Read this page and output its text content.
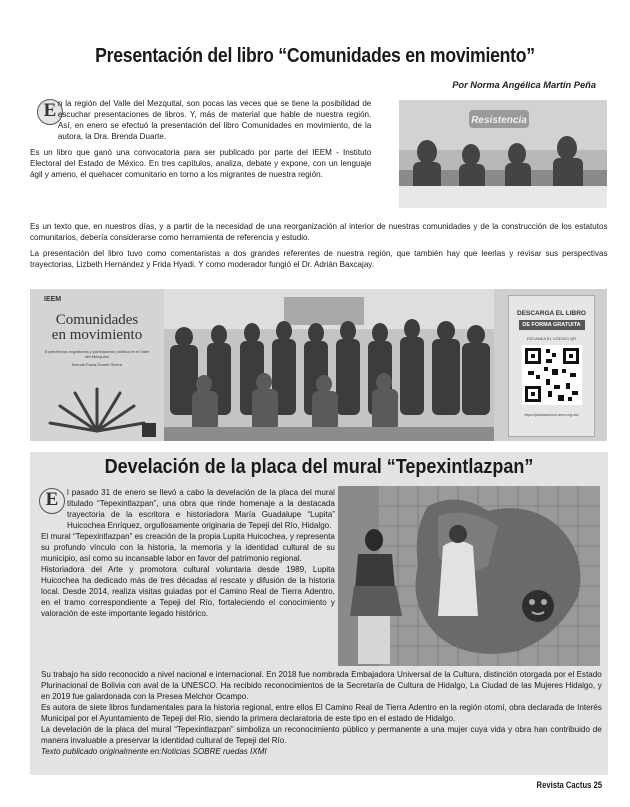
Presentación del libro “Comunidades en movimiento”
Por Norma Angélica Martín Peña
E n la región del Valle del Mezquital, son pocas las veces que se tiene la posibilidad de escuchar presentaciones de libros. Y, más de material que hable de nuestra región. Así, en enero se efectuó la presentación del libro Comunidades en movimiento, de la autora, la Dra. Brenda Duarte.

Es un libro que ganó una convocatoria para ser publicado por parte del IEEM - Instituto Electoral del Estado de México. En tres capítulos, analiza, debate y expone, con un lenguaje ágil y ameno, el quehacer comunitario en torno a los migrantes de nuestra región.

Resistencia

Es un texto que, en nuestros días, y a partir de la necesidad de una reorganización al interior de nuestras comunidades y de la construcción de los estatutos comunitarios, debería considerarse como herramienta de referencia y estudio.

La presentación del libro tuvo como comentaristas a dos grandes referentes de nuestra región, que también hay que leerlas y revisar sus perspectivas trayectorias, Lizbeth Hernández y Frida Hyadi. Y como moderador fungió el Dr. Adrián Baxcajay.

IEEM
Comunidades
en movimiento
Experiencias migratorias y participación política en el Valle del Mezquital
Brenda Paola Duarte Rivera
DESCARGA EL LIBRO
DE FORMA GRATUITA
ESCANEA EL CÓDIGO QR
https://publicaciones.ieem.org.mx/
Develación de la placa del mural “Tepexintlazpan”
E l pasado 31 de enero se llevó a cabo la develación de la placa del mural titulado “Tepexintlazpan”, una obra que rinde homenaje a la destacada trayectoria de la escritora e historiadora María Guadalupe “Lupita” Huicochea Enríquez, orgullosamente originaria de Tepeji del Río, Hidalgo.

El mural “Tepexintlazpan” es creación de la propia Lupita Huicochea, y representa su profundo vínculo con la historia, la memoria y la identidad cultural de su municipio, así como su incansable labor en favor del patrimonio regional.

Historiadora del Arte y promotora cultural voluntaria desde 1989, Lupita Huicochea ha dedicado más de tres décadas al rescate y difusión de la historia local. Desde 2014, realiza visitas guiadas por el Camino Real de Tierra Adentro, en el tramo correspondiente a Tepeji del Río, fortaleciendo el conocimiento y valoración de este importante legado histórico.

Su trabajo ha sido reconocido a nivel nacional e internacional. En 2018 fue nombrada Embajadora Universal de la Cultura, distinción otorgada por el Estado Plurinacional de Bolivia con aval de la UNESCO. Ha recibido reconocimientos de la Secretaría de Cultura de Hidalgo, La Ciudad de las Mujeres Hidalgo, y en 2019 fue galardonada con la Presea Melchor Ocampo.

Es autora de siete libros fundamentales para la historia regional, entre ellos El Camino Real de Tierra Adentro en la región otomí, obra declarada de Interés Municipal por el Ayuntamiento de Tepeji del Río, siendo la primera declaratoria de este tipo en el estado de Hidalgo.

La develación de la placa del mural “Tepexintlazpan” simboliza un reconocimiento público y permanente a una mujer cuya vida y obra han contribuido de manera invaluable a preservar la identidad cultural de Tepeji del Río.

Texto publicado originalmente en:Noticias SOBRE ruedas IXMI

Revista Cactus 25
